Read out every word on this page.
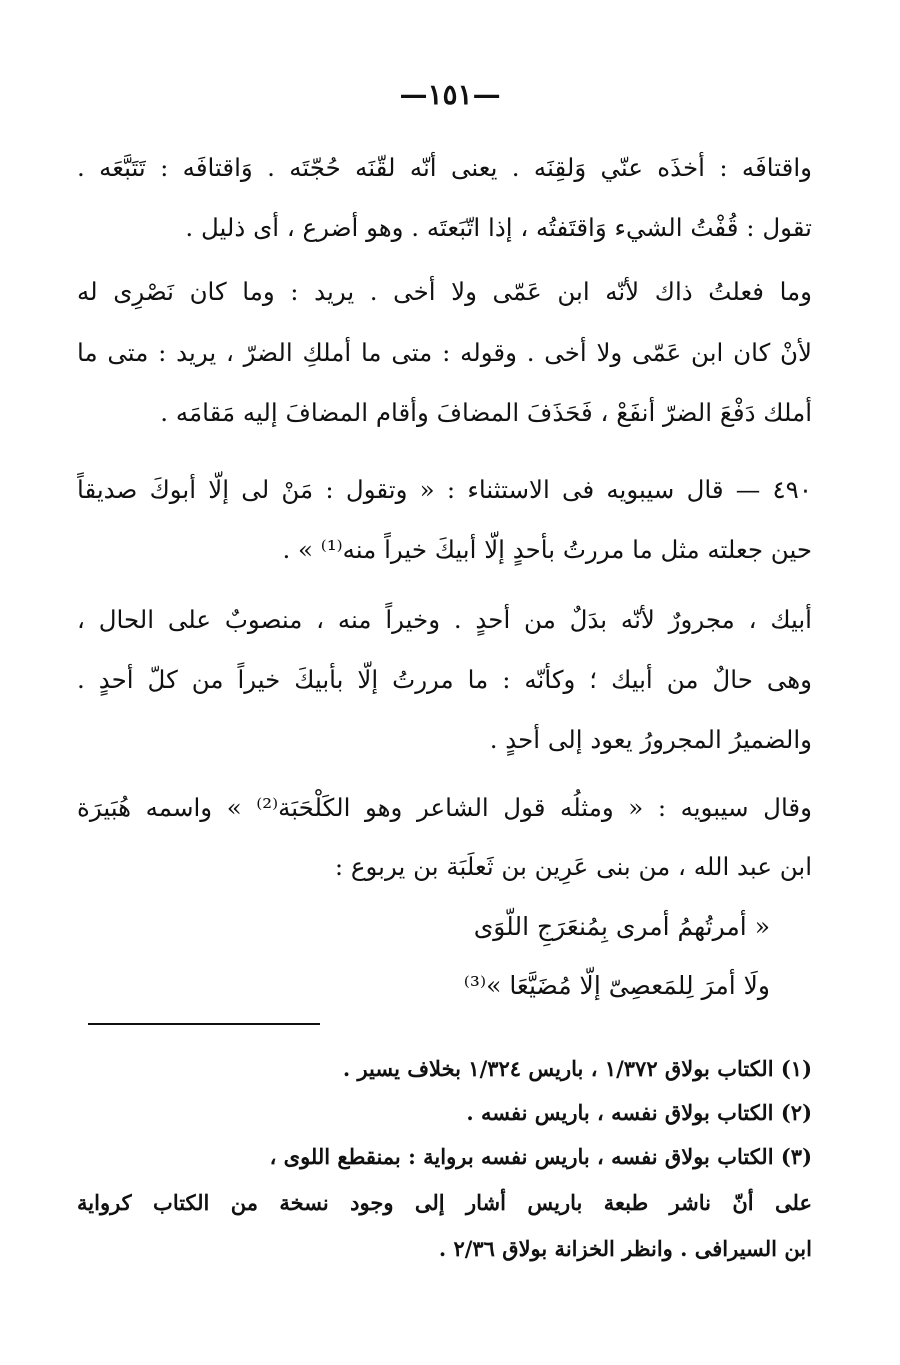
—١٥١—
واقتافَه : أخذَه عنّي وَلقِنَه . يعنى أنّه لقّنَه حُجّتَه . وَاقتافَه : تَتَبَّعَه .
تقول : قُفْتُ الشيء وَاقتَفتُه ، إذا اتّبَعتَه . وهو أضرع ، أى ذليل .
وما فعلتُ ذاك لأنّه ابن عَمّى ولا أخى . يريد : وما كان نَصْرِى له
لأنْ كان ابن عَمّى ولا أخى . وقوله : متى ما أملكِ الضرّ ، يريد : متى ما
أملك دَفْعَ الضرّ أنفَعْ ، فَحَذَفَ المضافَ وأقام المضافَ إليه مَقامَه .
٤٩٠ — قال سيبويه فى الاستثناء : « وتقول : مَنْ لى إلّا أبوكَ صديقاً
حين جعلته مثل ما مررتُ بأحدٍ إلّا أبيكَ خيراً منه⁽¹⁾ » .
أبيك ، مجرورٌ لأنّه بدَلٌ من أحدٍ . وخيراً منه ، منصوبٌ على الحال ،
وهى حالٌ من أبيك ؛ وكأنّه : ما مررتُ إلّا بأبيكَ خيراً من كلّ أحدٍ .
والضميرُ المجرورُ يعود إلى أحدٍ .
وقال سيبويه : « ومثلُه قول الشاعر وهو الكَلْحَبَة⁽²⁾ » واسمه هُبَيرَة
ابن عبد الله ، من بنى عَرِين بن ثَعلَبَة بن يربوع :
« أمرتُهمُ أمرى بِمُنعَرَجِ اللّوَى
ولَا أمرَ لِلمَعصِىّ إلّا مُضَيَّعَا »⁽³⁾
(١) الكتاب بولاق ١/٣٧٢ ، باريس ١/٣٢٤ بخلاف يسير .
(٢) الكتاب بولاق نفسه ، باريس نفسه .
(٣) الكتاب بولاق نفسه ، باريس نفسه برواية : بمنقطع اللوى ،
على أنّ ناشر طبعة باريس أشار إلى وجود نسخة من الكتاب كرواية
ابن السيرافى . وانظر الخزانة بولاق ٢/٣٦ .
